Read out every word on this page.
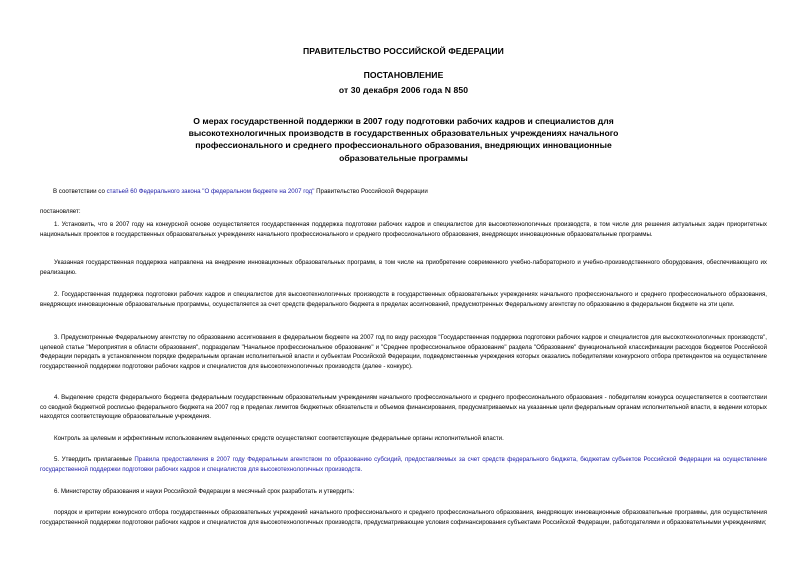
ПРАВИТЕЛЬСТВО РОССИЙСКОЙ ФЕДЕРАЦИИ
ПОСТАНОВЛЕНИЕ
от 30 декабря 2006 года N 850
О мерах государственной поддержки в 2007 году подготовки рабочих кадров и специалистов для высокотехнологичных производств в государственных образовательных учреждениях начального профессионального и среднего профессионального образования, внедряющих инновационные образовательные программы

В соответствии со статьей 60 Федерального закона "О федеральном бюджете на 2007 год" Правительство Российской Федерации

постановляет:

1. Установить, что в 2007 году на конкурсной основе осуществляется государственная поддержка подготовки рабочих кадров и специалистов для высокотехнологичных производств, в том числе для решения актуальных задач приоритетных национальных проектов в государственных образовательных учреждениях начального профессионального и среднего профессионального образования, внедряющих инновационные образовательные программы.

Указанная государственная поддержка направлена на внедрение инновационных образовательных программ, в том числе на приобретение современного учебно-лабораторного и учебно-производственного оборудования, обеспечивающего их реализацию.

2. Государственная поддержка подготовки рабочих кадров и специалистов для высокотехнологичных производств в государственных образовательных учреждениях начального профессионального и среднего профессионального образования, внедряющих инновационные образовательные программы, осуществляется за счет средств федерального бюджета в пределах ассигнований, предусмотренных Федеральному агентству по образованию в федеральном бюджете на эти цели.

3. Предусмотренные Федеральному агентству по образованию ассигнования в федеральном бюджете на 2007 год по виду расходов "Государственная поддержка подготовки рабочих кадров и специалистов для высокотехнологичных производств", целевой статье "Мероприятия в области образования", подразделам "Начальное профессиональное образование" и "Среднее профессиональное образование" раздела "Образование" функциональной классификации расходов бюджетов Российской Федерации передать в установленном порядке федеральным органам исполнительной власти и субъектам Российской Федерации, подведомственные учреждения которых оказались победителями конкурсного отбора претендентов на осуществление государственной поддержки подготовки рабочих кадров и специалистов для высокотехнологичных производств (далее - конкурс).

4. Выделение средств федерального бюджета федеральным государственным образовательным учреждениям начального профессионального и среднего профессионального образования - победителям конкурса осуществляется в соответствии со сводной бюджетной росписью федерального бюджета на 2007 год в пределах лимитов бюджетных обязательств и объемов финансирования, предусматриваемых на указанные цели федеральным органам исполнительной власти, в ведении которых находятся соответствующие образовательные учреждения.

Контроль за целевым и эффективным использованием выделенных средств осуществляют соответствующие федеральные органы исполнительной власти.

5. Утвердить прилагаемые Правила предоставления в 2007 году Федеральным агентством по образованию субсидий, предоставляемых за счет средств федерального бюджета, бюджетам субъектов Российской Федерации на осуществление государственной поддержки подготовки рабочих кадров и специалистов для высокотехнологичных производств.

6. Министерству образования и науки Российской Федерации в месячный срок разработать и утвердить:

порядок и критерии конкурсного отбора государственных образовательных учреждений начального профессионального и среднего профессионального образования, внедряющих инновационные образовательные программы, для осуществления государственной поддержки подготовки рабочих кадров и специалистов для высокотехнологичных производств, предусматривающие условия софинансирования субъектами Российской Федерации, работодателями и образовательными учреждениями;
